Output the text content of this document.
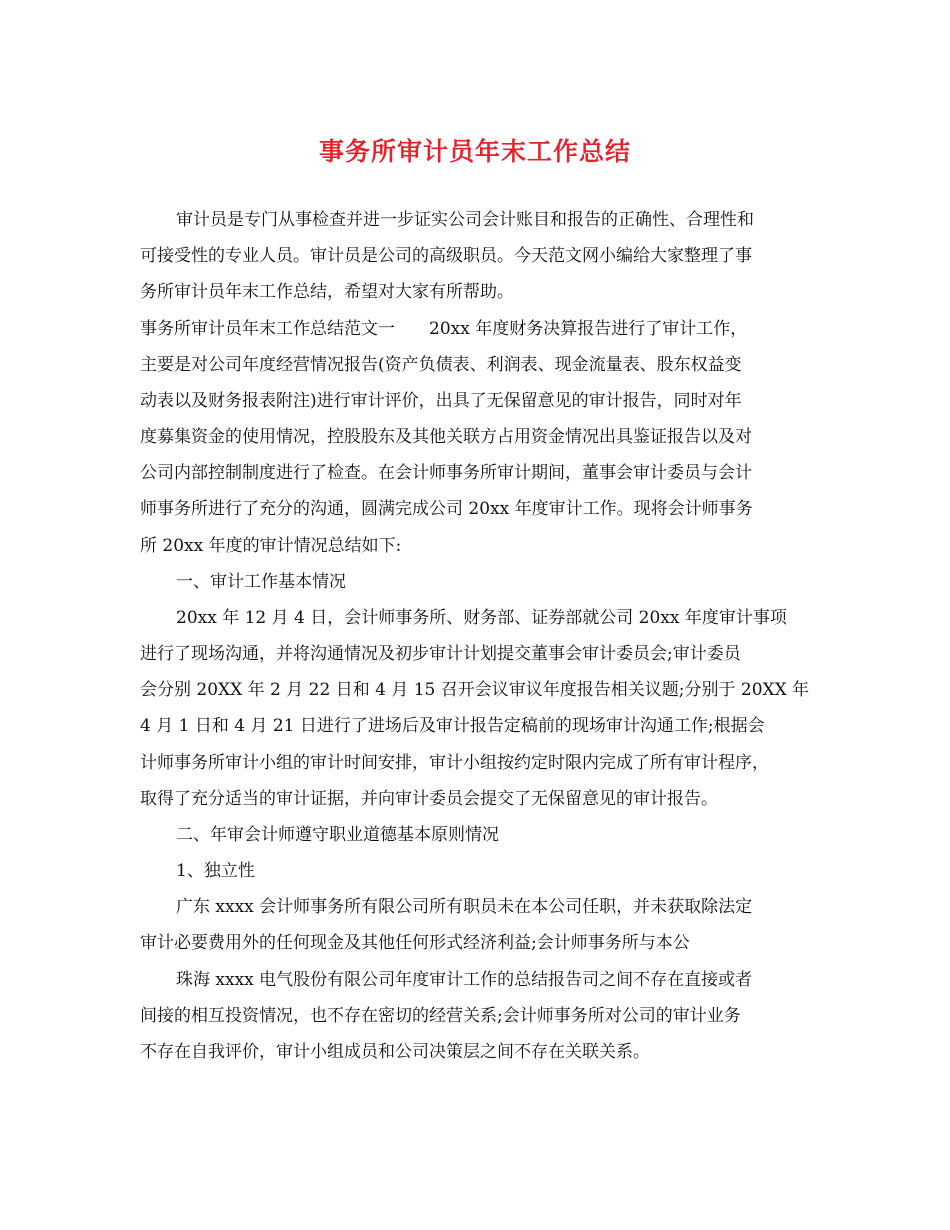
事务所审计员年末工作总结

审计员是专门从事检查并进一步证实公司会计账目和报告的正确性、合理性和

可接受性的专业人员。审计员是公司的高级职员。今天范文网小编给大家整理了事

务所审计员年末工作总结，希望对大家有所帮助。

事务所审计员年末工作总结范文一　　20xx 年度财务决算报告进行了审计工作，

主要是对公司年度经营情况报告(资产负债表、利润表、现金流量表、股东权益变

动表以及财务报表附注)进行审计评价，出具了无保留意见的审计报告，同时对年

度募集资金的使用情况，控股股东及其他关联方占用资金情况出具鉴证报告以及对

公司内部控制制度进行了检查。在会计师事务所审计期间，董事会审计委员与会计

师事务所进行了充分的沟通，圆满完成公司 20xx 年度审计工作。现将会计师事务

所 20xx 年度的审计情况总结如下:

一、审计工作基本情况

20xx 年 12 月 4 日，会计师事务所、财务部、证券部就公司 20xx 年度审计事项

进行了现场沟通，并将沟通情况及初步审计计划提交董事会审计委员会;审计委员

会分别 20XX 年 2 月 22 日和 4 月 15 召开会议审议年度报告相关议题;分别于 20XX 年

4 月 1 日和 4 月 21 日进行了进场后及审计报告定稿前的现场审计沟通工作;根据会

计师事务所审计小组的审计时间安排，审计小组按约定时限内完成了所有审计程序，

取得了充分适当的审计证据，并向审计委员会提交了无保留意见的审计报告。

二、年审会计师遵守职业道德基本原则情况

1、独立性

广东 xxxx 会计师事务所有限公司所有职员未在本公司任职，并未获取除法定

审计必要费用外的任何现金及其他任何形式经济利益;会计师事务所与本公

珠海 xxxx 电气股份有限公司年度审计工作的总结报告司之间不存在直接或者

间接的相互投资情况，也不存在密切的经营关系;会计师事务所对公司的审计业务

不存在自我评价，审计小组成员和公司决策层之间不存在关联关系。
